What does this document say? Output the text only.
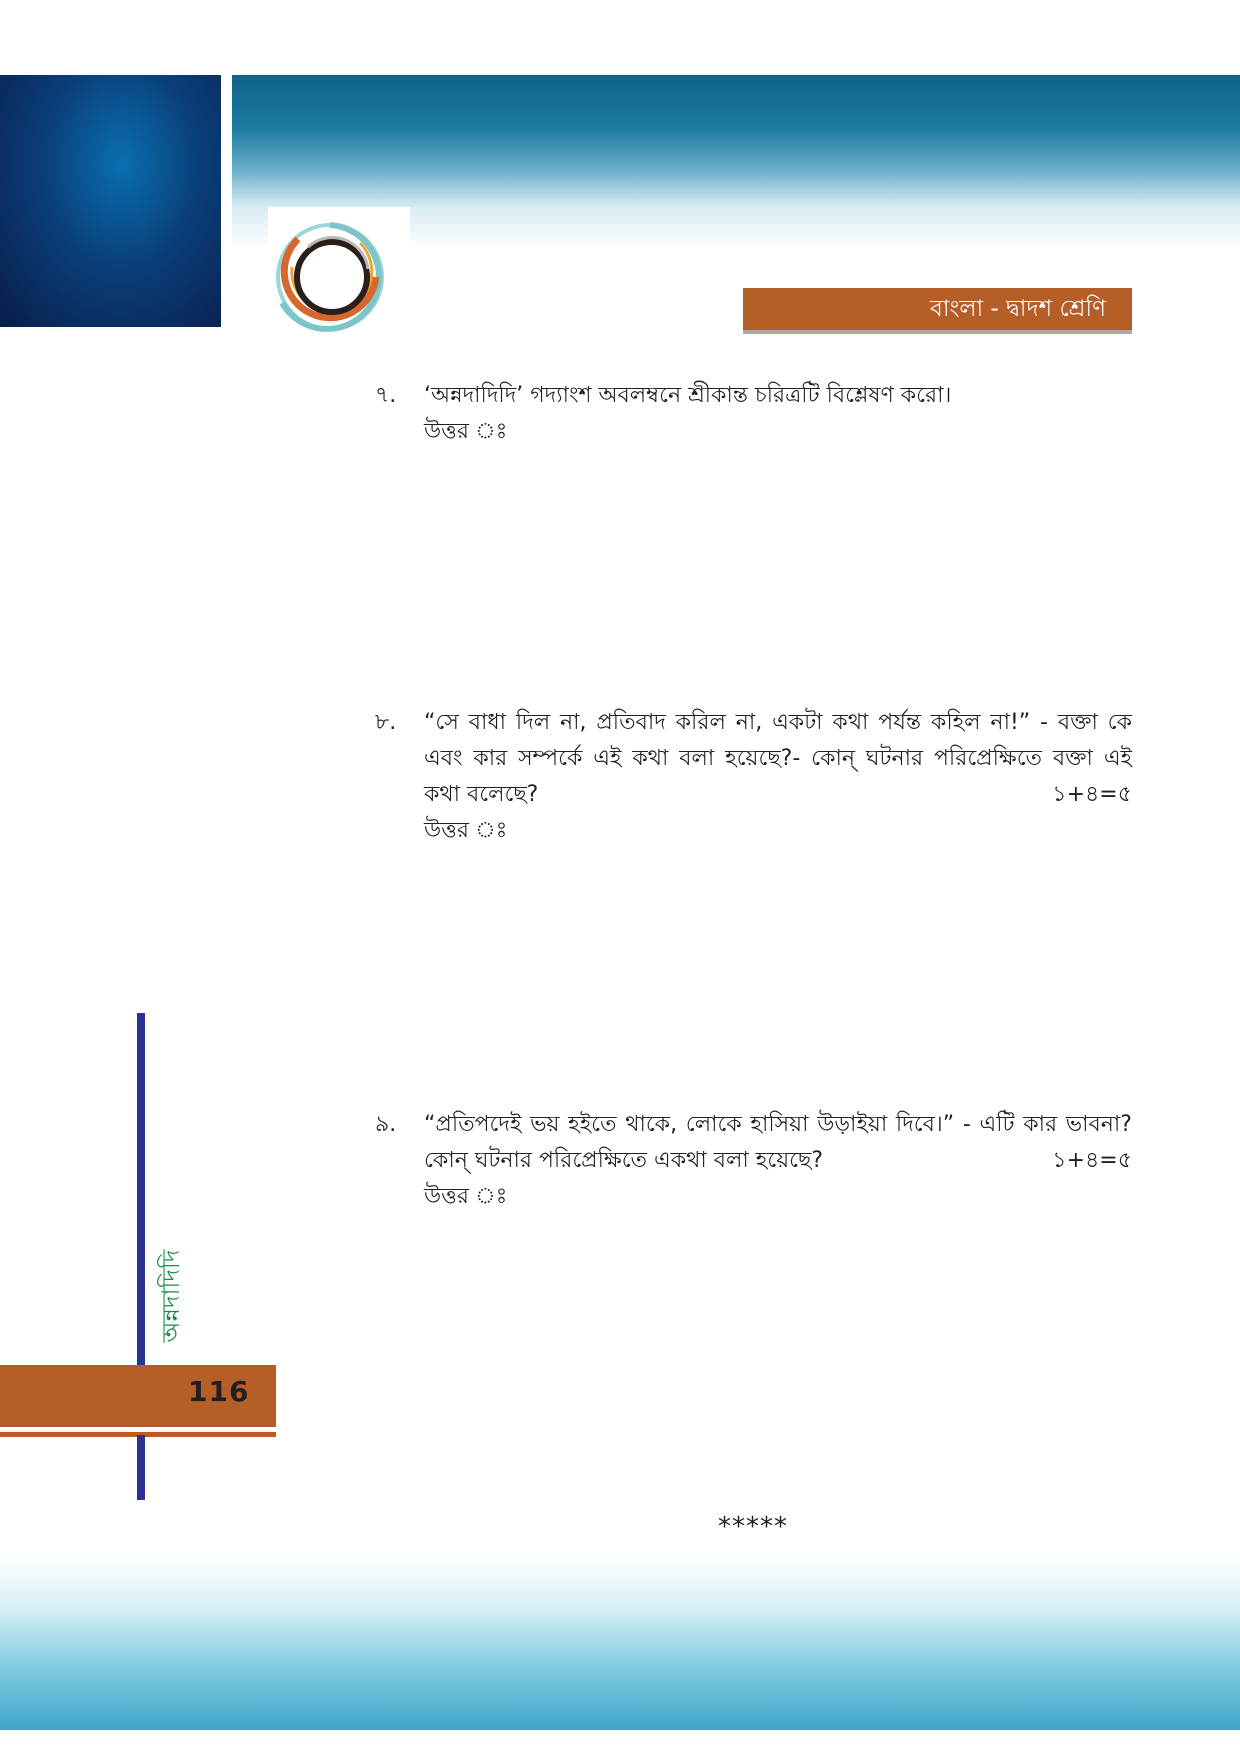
বাংলা - দ্বাদশ শ্রেণি
৭. ‘অন্নদাদিদি’ গদ্যাংশ অবলম্বনে শ্রীকান্ত চরিত্রটি বিশ্লেষণ করো।
উত্তর ঃ
৮. “সে বাধা দিল না, প্রতিবাদ করিল না, একটা কথা পর্যন্ত কহিল না!” - বক্তা কে এবং কার সম্পর্কে এই কথা বলা হয়েছে?- কোন্ ঘটনার পরিপ্রেক্ষিতে বক্তা এই কথা বলেছে?	১+৪=৫
উত্তর ঃ
৯. “প্রতিপদেই ভয় হইতে থাকে, লোকে হাসিয়া উড়াইয়া দিবে।” - এটি কার ভাবনা? কোন্ ঘটনার পরিপ্রেক্ষিতে একথা বলা হয়েছে?	১+৪=৫
উত্তর ঃ
অন্নদাদিদি
116
*****
